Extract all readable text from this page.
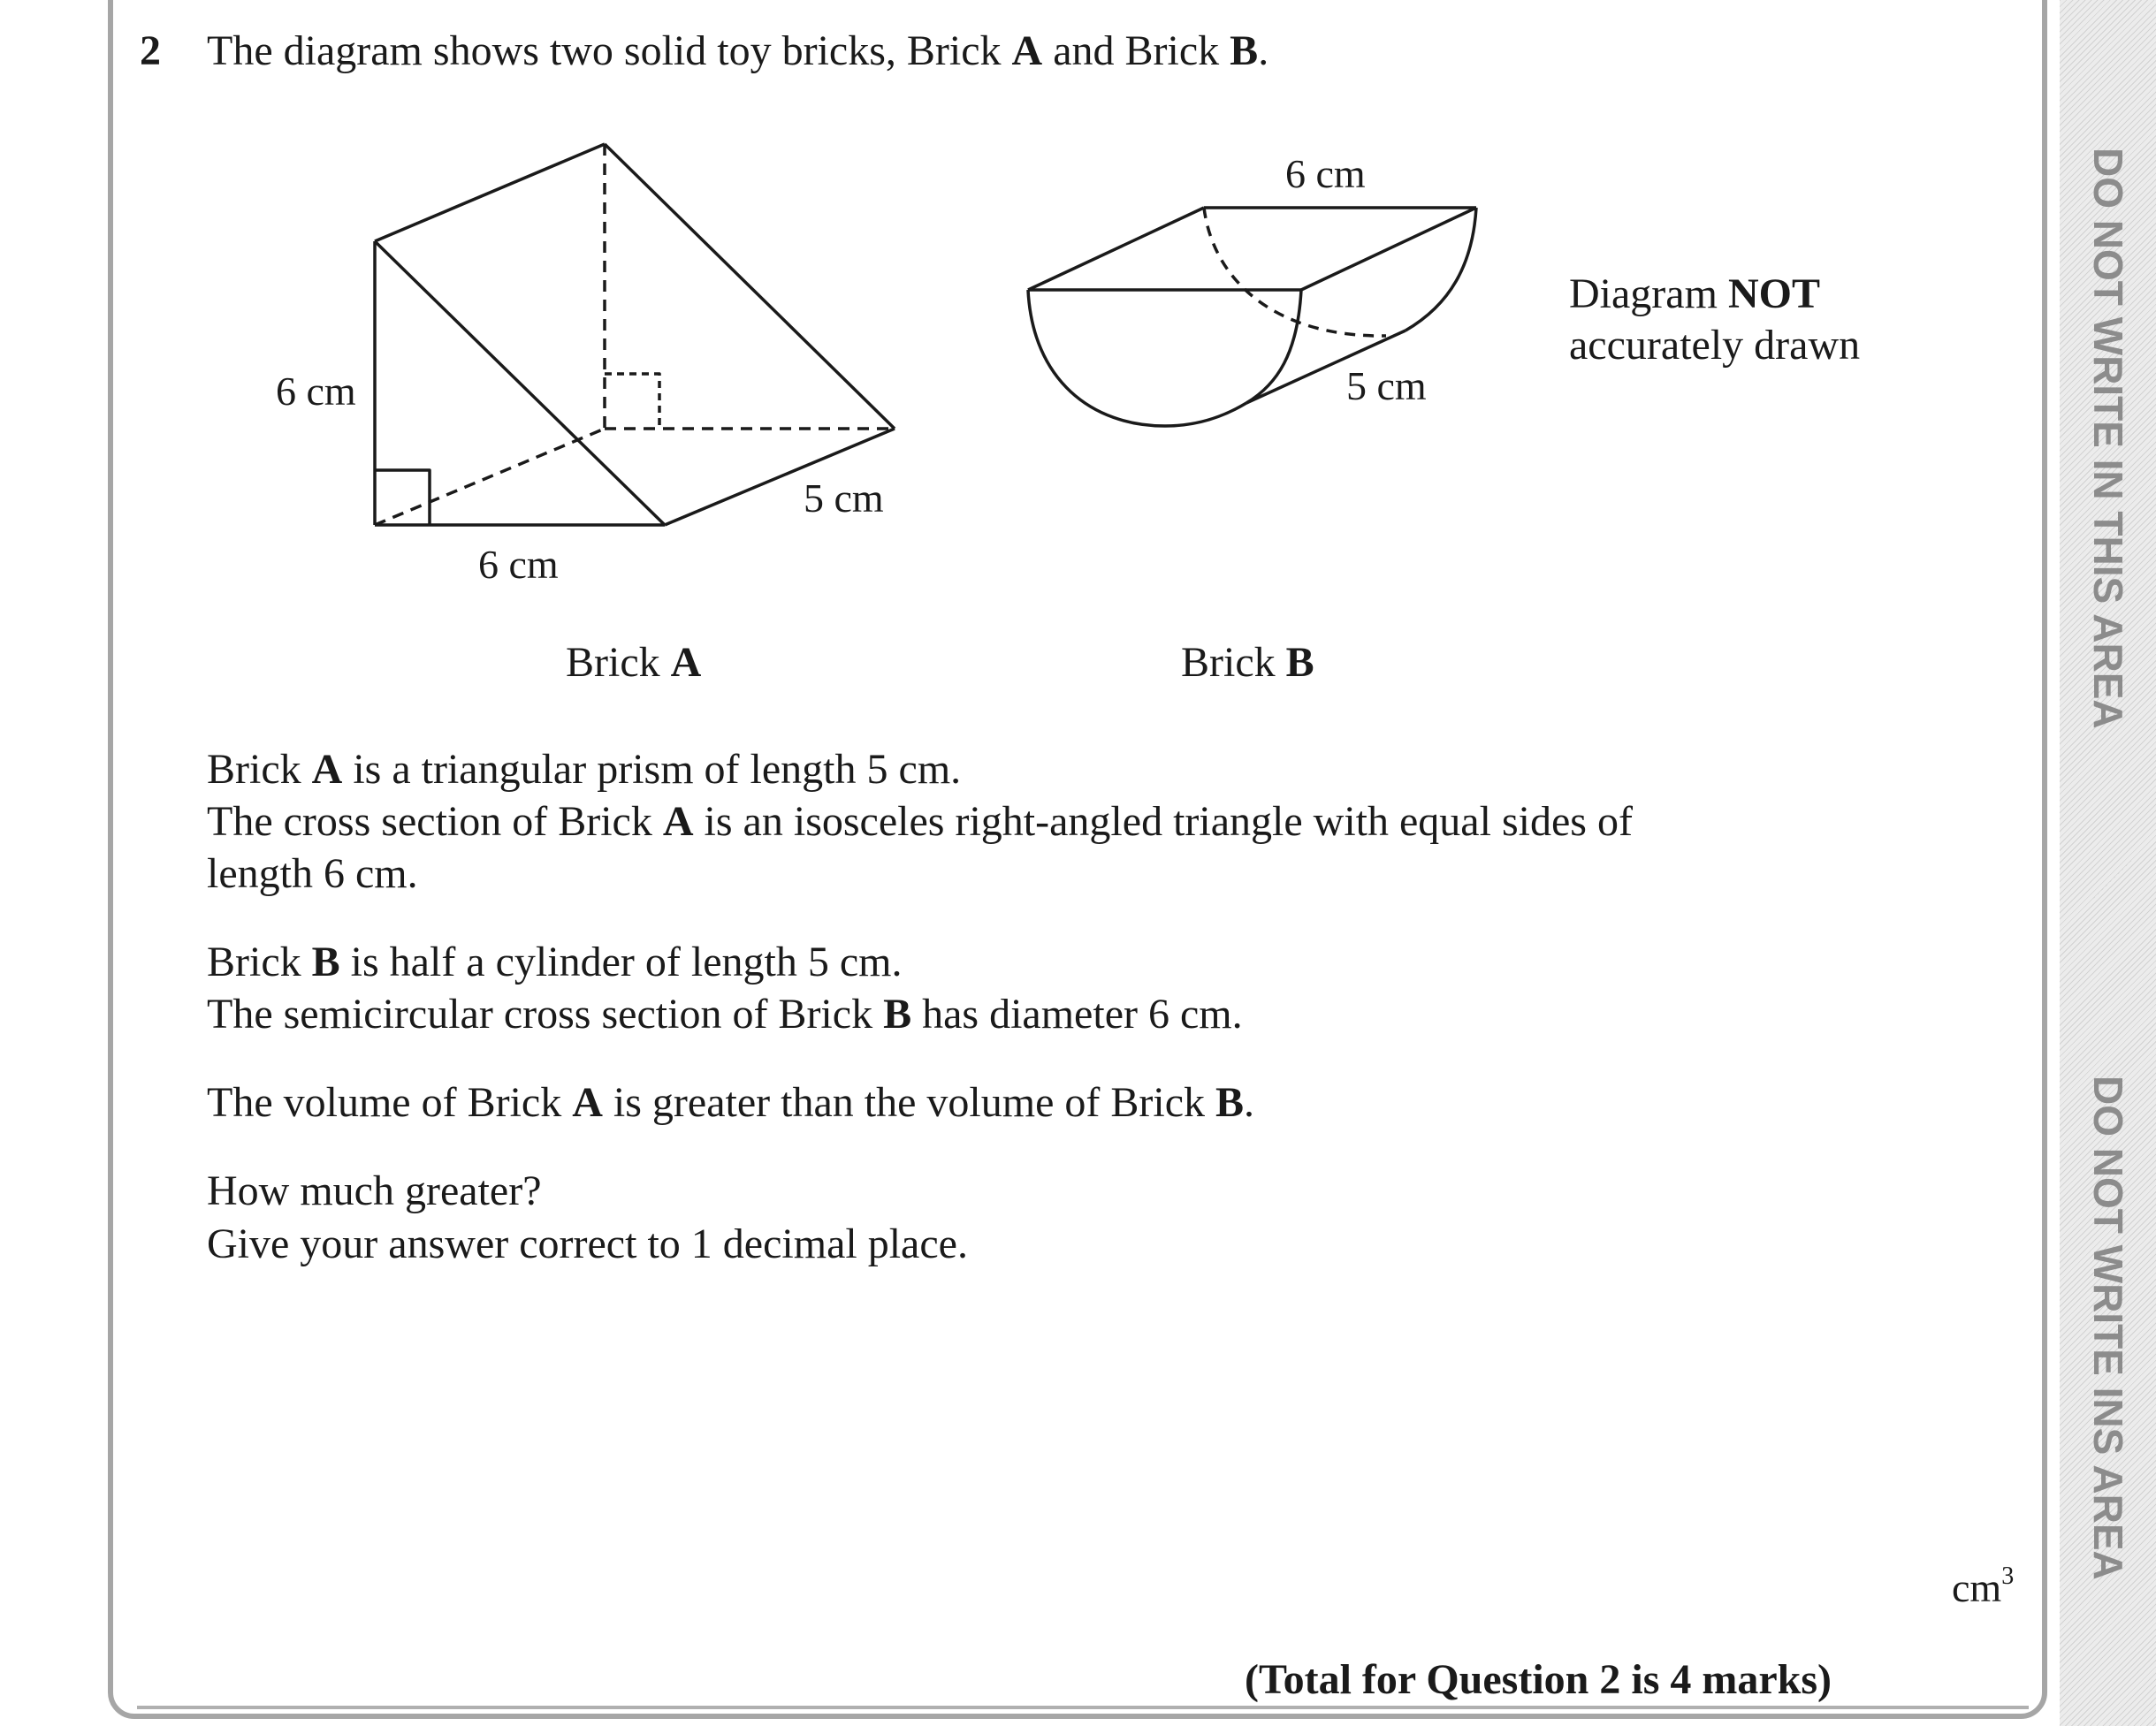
DO NOT WRITE IN THIS AREA
DO NOT WRITE INS AREA
2 The diagram shows two solid toy bricks, Brick A and Brick B.
6 cm
6 cm
5 cm
6 cm
5 cm
Brick A	Brick B
Diagram NOT
accurately drawn
Brick A is a triangular prism of length 5 cm.
The cross section of Brick A is an isosceles right-angled triangle with equal sides of
length 6 cm.
Brick B is half a cylinder of length 5 cm.
The semicircular cross section of Brick B has diameter 6 cm.
The volume of Brick A is greater than the volume of Brick B.
How much greater?
Give your answer correct to 1 decimal place.
$cm^3$
(Total for Question 2 is 4 marks)
